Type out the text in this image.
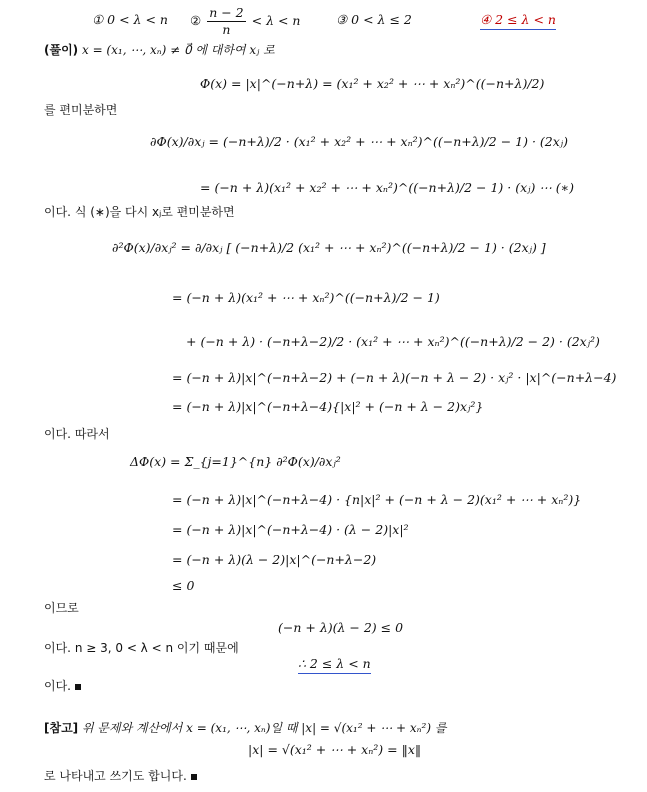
① 0 < λ < n ② $\frac{n - 2}{n} < \lambda < n$	③ 0 < λ ≤ 2	④ 2 ≤ λ < n
(풀이) x = (x₁, ⋯, xₙ) ≠ 0⃗ 에 대하여 xⱼ 로
Φ(x) = |x|^(−n+λ) = (x₁² + x₂² + ⋯ + xₙ²)^((−n+λ)/2)
를 편미분하면
∂Φ(x)/∂xⱼ = (−n+λ)/2 · (x₁² + x₂² + ⋯ + xₙ²)^((−n+λ)/2 − 1) · (2xⱼ)
= (−n + λ)(x₁² + x₂² + ⋯ + xₙ²)^((−n+λ)/2 − 1) · (xⱼ) ⋯ (∗)
이다. 식 (∗)을 다시 xⱼ로 편미분하면
∂²Φ(x)/∂xⱼ² = ∂/∂xⱼ [ (−n+λ)/2 (x₁² + ⋯ + xₙ²)^((−n+λ)/2 − 1) · (2xⱼ) ]
= (−n + λ)(x₁² + ⋯ + xₙ²)^((−n+λ)/2 − 1)
+ (−n + λ) · (−n+λ−2)/2 · (x₁² + ⋯ + xₙ²)^((−n+λ)/2 − 2) · (2xⱼ²)
= (−n + λ)|x|^(−n+λ−2) + (−n + λ)(−n + λ − 2) · xⱼ² · |x|^(−n+λ−4)
= (−n + λ)|x|^(−n+λ−4){|x|² + (−n + λ − 2)xⱼ²}
이다. 따라서
ΔΦ(x) = Σ_{j=1}^{n} ∂²Φ(x)/∂xⱼ²
= (−n + λ)|x|^(−n+λ−4) · {n|x|² + (−n + λ − 2)(x₁² + ⋯ + xₙ²)}
= (−n + λ)|x|^(−n+λ−4) · (λ − 2)|x|²
= (−n + λ)(λ − 2)|x|^(−n+λ−2)
≤ 0
이므로
(−n + λ)(λ − 2) ≤ 0
이다. n ≥ 3, 0 < λ < n 이기 때문에
∴ 2 ≤ λ < n
이다.
[참고] 위 문제와 계산에서 x = (x₁, ⋯, xₙ)일 때 |x| = √(x₁² + ⋯ + xₙ²) 를
|x| = √(x₁² + ⋯ + xₙ²) = ‖x‖
로 나타내고 쓰기도 합니다.
